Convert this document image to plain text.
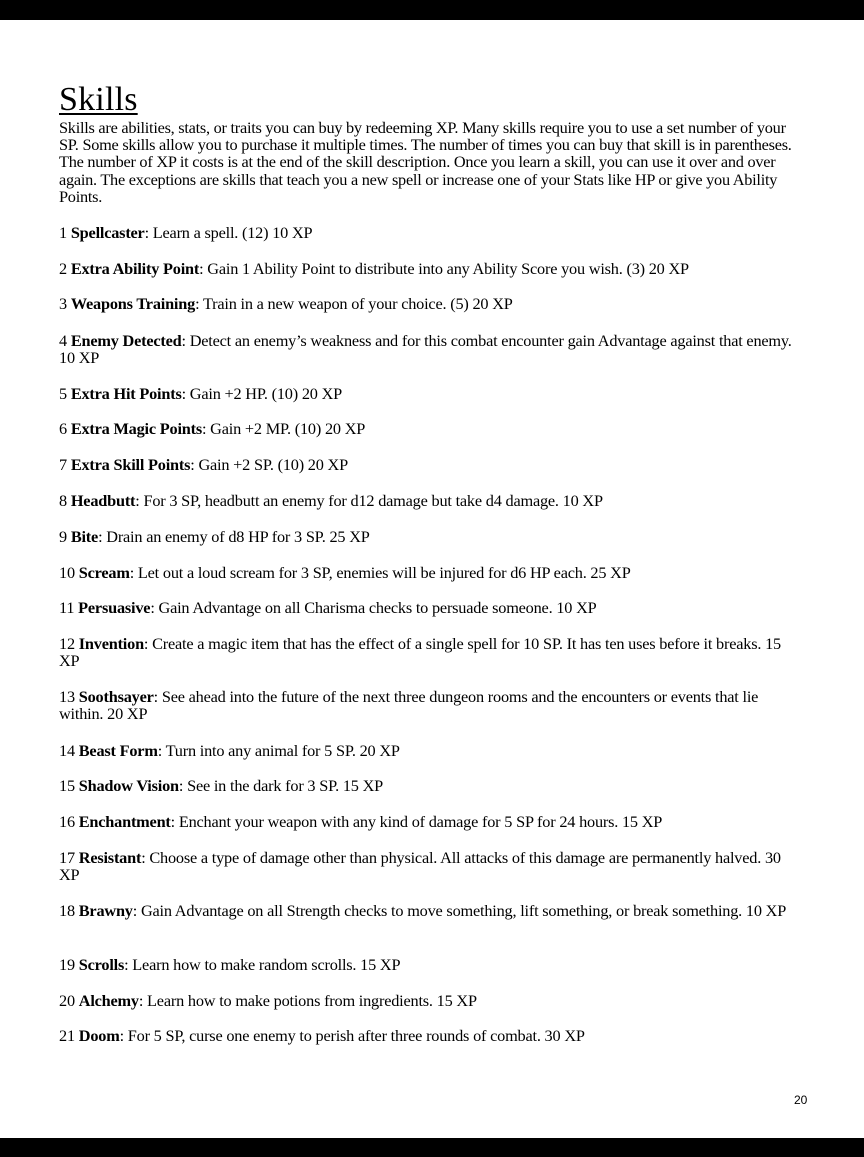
Skills

Skills are abilities, stats, or traits you can buy by redeeming XP. Many skills require you to use a set number of your SP. Some skills allow you to purchase it multiple times. The number of times you can buy that skill is in parentheses. The number of XP it costs is at the end of the skill description. Once you learn a skill, you can use it over and over again. The exceptions are skills that teach you a new spell or increase one of your Stats like HP or give you Ability Points.

1 Spellcaster: Learn a spell. (12) 10 XP

2 Extra Ability Point: Gain 1 Ability Point to distribute into any Ability Score you wish. (3) 20 XP

3 Weapons Training: Train in a new weapon of your choice. (5) 20 XP

4 Enemy Detected: Detect an enemy’s weakness and for this combat encounter gain Advantage against that enemy. 10 XP

5 Extra Hit Points: Gain +2 HP. (10) 20 XP

6 Extra Magic Points: Gain +2 MP. (10) 20 XP

7 Extra Skill Points: Gain +2 SP. (10) 20 XP

8 Headbutt: For 3 SP, headbutt an enemy for d12 damage but take d4 damage. 10 XP

9 Bite: Drain an enemy of d8 HP for 3 SP. 25 XP

10 Scream: Let out a loud scream for 3 SP, enemies will be injured for d6 HP each. 25 XP

11 Persuasive: Gain Advantage on all Charisma checks to persuade someone. 10 XP

12 Invention: Create a magic item that has the effect of a single spell for 10 SP. It has ten uses before it breaks. 15 XP

13 Soothsayer: See ahead into the future of the next three dungeon rooms and the encounters or events that lie within. 20 XP

14 Beast Form: Turn into any animal for 5 SP. 20 XP

15 Shadow Vision: See in the dark for 3 SP. 15 XP

16 Enchantment: Enchant your weapon with any kind of damage for 5 SP for 24 hours. 15 XP

17 Resistant: Choose a type of damage other than physical. All attacks of this damage are permanently halved. 30 XP

18 Brawny: Gain Advantage on all Strength checks to move something, lift something, or break something. 10 XP

19 Scrolls: Learn how to make random scrolls. 15 XP

20 Alchemy: Learn how to make potions from ingredients. 15 XP

21 Doom: For 5 SP, curse one enemy to perish after three rounds of combat. 30 XP

20
